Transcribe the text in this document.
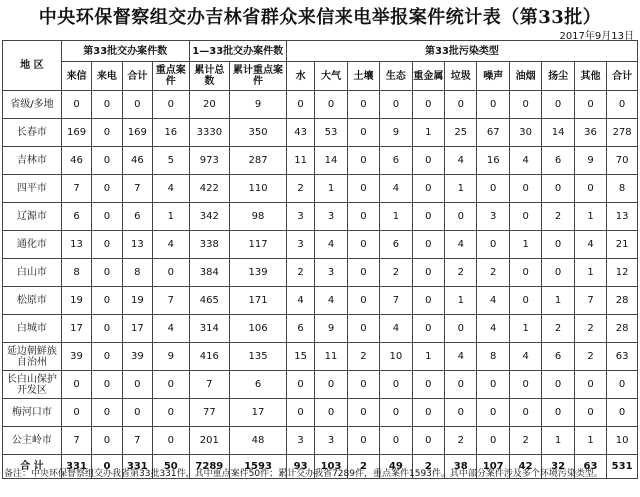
中央环保督察组交办吉林省群众来信来电举报案件统计表（第33批）
2017年9月13日
地 区	第33批交办案件数				1—33批交办案件数		第33批污染类型										
	来信	来电	合计	重点案件	累计总数	累计重点案件	水	大气	土壤	生态	重金属	垃圾	噪声	油烟	扬尘	其他	合计
省级/多地	0	0	0	0	20	9	0	0	0	0	0	0	0	0	0	0	0
长春市	169	0	169	16	3330	350	43	53	0	9	1	25	67	30	14	36	278
吉林市	46	0	46	5	973	287	11	14	0	6	0	4	16	4	6	9	70
四平市	7	0	7	4	422	110	2	1	0	4	0	1	0	0	0	0	8
辽源市	6	0	6	1	342	98	3	3	0	1	0	0	3	0	2	1	13
通化市	13	0	13	4	338	117	3	4	0	6	0	4	0	1	0	4	21
白山市	8	0	8	0	384	139	2	3	0	2	0	2	2	0	0	1	12
松原市	19	0	19	7	465	171	4	4	0	7	0	1	4	0	1	7	28
白城市	17	0	17	4	314	106	6	9	0	4	0	0	4	1	2	2	28
延边朝鲜族自治州	39	0	39	9	416	135	15	11	2	10	1	4	8	4	6	2	63
长白山保护开发区	0	0	0	0	7	6	0	0	0	0	0	0	0	0	0	0	0
梅河口市	0	0	0	0	77	17	0	0	0	0	0	0	0	0	0	0	0
公主岭市	7	0	7	0	201	48	3	3	0	0	0	2	0	2	1	1	10
合 计	331	0	331	50	7289	1593	93	103	2	49	2	38	107	42	32	63	531
备注：中央环保督察组交办我省第33批331件，其中重点案件50件；累计交办我省7289件，重点案件1593件。其中部分案件涉及多个环境污染类型。
